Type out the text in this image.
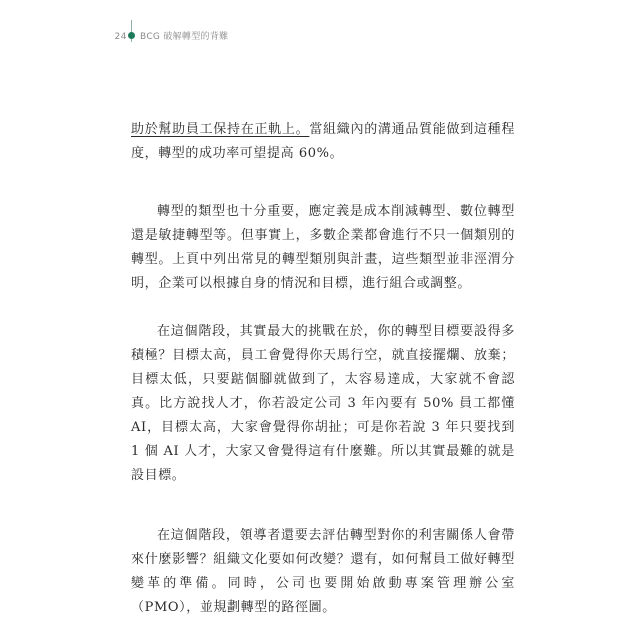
24	BCG 破解轉型的背難

助於幫助員工保持在正軌上。當組織內的溝通品質能做到這種程度，轉型的成功率可望提高 60%。

轉型的類型也十分重要，應定義是成本削減轉型、數位轉型還是敏捷轉型等。但事實上，多數企業都會進行不只一個類別的轉型。上頁中列出常見的轉型類別與計畫，這些類型並非涇渭分明，企業可以根據自身的情況和目標，進行組合或調整。

在這個階段，其實最大的挑戰在於，你的轉型目標要設得多積極？目標太高，員工會覺得你天馬行空，就直接擺爛、放棄；目標太低，只要踮個腳就做到了，太容易達成，大家就不會認真。比方說找人才，你若設定公司 3 年內要有 50% 員工都懂 AI，目標太高，大家會覺得你胡扯；可是你若說 3 年只要找到 1 個 AI 人才，大家又會覺得這有什麼難。所以其實最難的就是設目標。

在這個階段，領導者還要去評估轉型對你的利害關係人會帶來什麼影響？組織文化要如何改變？還有，如何幫員工做好轉型變革的準備。同時，公司也要開始啟動專案管理辦公室（PMO），並規劃轉型的路徑圖。
